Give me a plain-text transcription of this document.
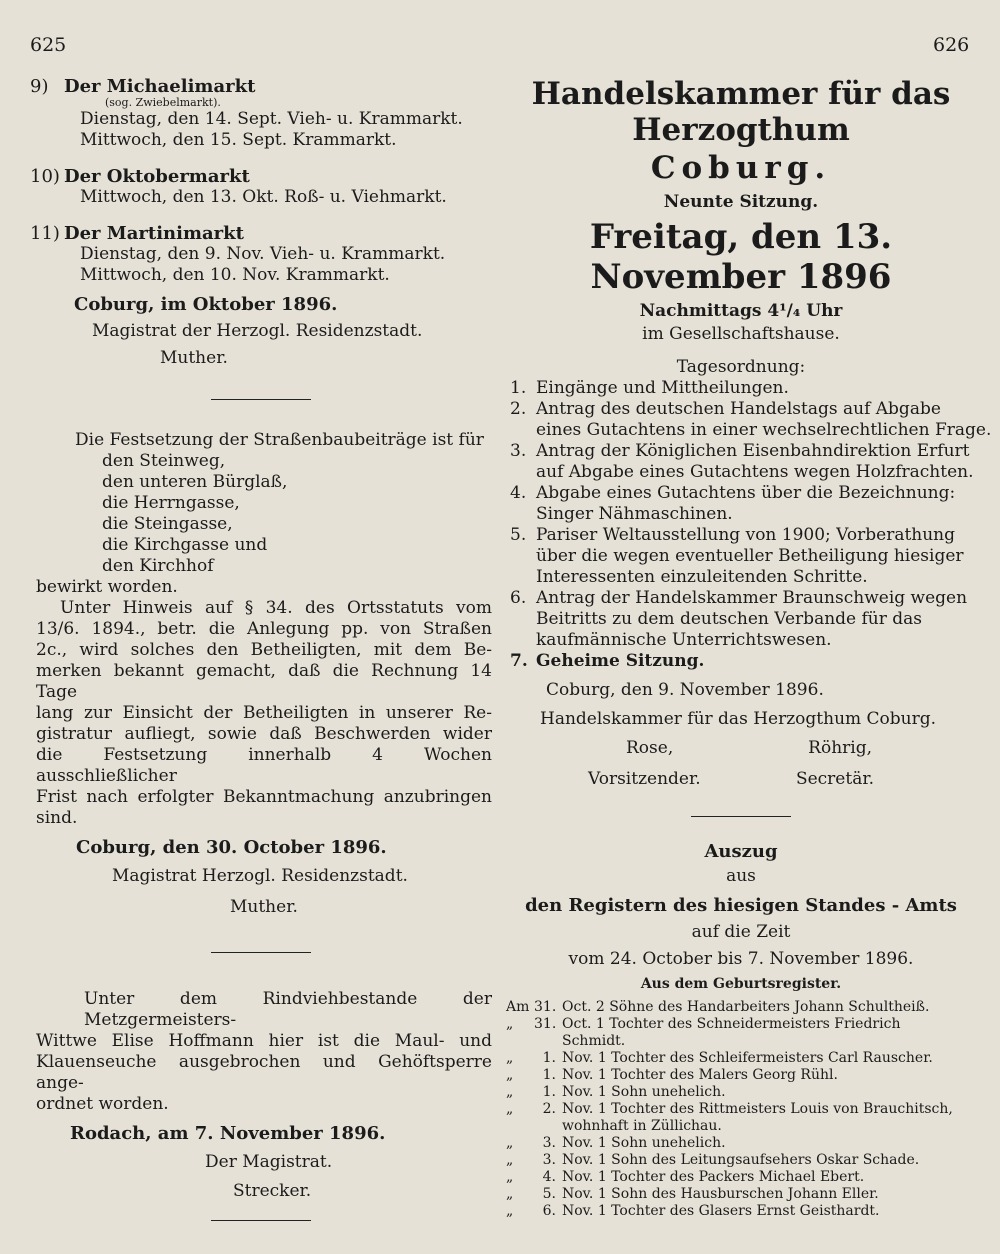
625	626
9) Der Michaelimarkt
(sog. Zwiebelmarkt).
Dienstag, den 14. Sept. Vieh- u. Krammarkt.
Mittwoch, den 15. Sept. Krammarkt.
10) Der Oktobermarkt
Mittwoch, den 13. Okt. Roß- u. Viehmarkt.
11) Der Martinimarkt
Dienstag, den 9. Nov. Vieh- u. Krammarkt.
Mittwoch, den 10. Nov. Krammarkt.
Coburg, im Oktober 1896.
Magistrat der Herzogl. Residenzstadt.
Muther.
Die Festsetzung der Straßenbaubeiträge ist für
den Steinweg,
den unteren Bürglaß,
die Herrngasse,
die Steingasse,
die Kirchgasse und
den Kirchhof
bewirkt worden.
Unter Hinweis auf § 34. des Ortsstatuts vom
13/6. 1894., betr. die Anlegung pp. von Straßen
2c., wird solches den Betheiligten, mit dem Be-
merken bekannt gemacht, daß die Rechnung 14 Tage
lang zur Einsicht der Betheiligten in unserer Re-
gistratur aufliegt, sowie daß Beschwerden wider
die Festsetzung innerhalb 4 Wochen ausschließlicher
Frist nach erfolgter Bekanntmachung anzubringen
sind.
Coburg, den 30. October 1896.
Magistrat Herzogl. Residenzstadt.
Muther.
Unter dem Rindviehbestande der Metzgermeisters-
Wittwe Elise Hoffmann hier ist die Maul- und
Klauenseuche ausgebrochen und Gehöftsperre ange-
ordnet worden.
Rodach, am 7. November 1896.
Der Magistrat.
Strecker.
Handelskammer für das Herzogthum
Coburg.
Neunte Sitzung.
Freitag, den 13. November 1896
Nachmittags 4¹/₄ Uhr
im Gesellschaftshause.
Tagesordnung:
1. Eingänge und Mittheilungen.
2. Antrag des deutschen Handelstags auf Abgabe
eines Gutachtens in einer wechselrechtlichen Frage.
3. Antrag der Königlichen Eisenbahndirektion Erfurt
auf Abgabe eines Gutachtens wegen Holzfrachten.
4. Abgabe eines Gutachtens über die Bezeichnung:
Singer Nähmaschinen.
5. Pariser Weltausstellung von 1900; Vorberathung
über die wegen eventueller Betheiligung hiesiger
Interessenten einzuleitenden Schritte.
6. Antrag der Handelskammer Braunschweig wegen
Beitritts zu dem deutschen Verbande für das
kaufmännische Unterrichtswesen.
7. Geheime Sitzung.
Coburg, den 9. November 1896.
Handelskammer für das Herzogthum Coburg.
Rose,	Röhrig,
Vorsitzender.	Secretär.
Auszug
aus
den Registern des hiesigen Standes - Amts
auf die Zeit
vom 24. October bis 7. November 1896.
Aus dem Geburtsregister.
Am 31. Oct. 2 Söhne des Handarbeiters Johann Schultheiß.
„	31. Oct. 1 Tochter des Schneidermeisters Friedrich
Schmidt.
„	1. Nov. 1 Tochter des Schleifermeisters Carl Rauscher.
„	1. Nov. 1 Tochter des Malers Georg Rühl.
„	1. Nov. 1 Sohn unehelich.
„	2. Nov. 1 Tochter des Rittmeisters Louis von Brauchitsch,
wohnhaft in Züllichau.
„	3. Nov. 1 Sohn unehelich.
„	3. Nov. 1 Sohn des Leitungsaufsehers Oskar Schade.
„	4. Nov. 1 Tochter des Packers Michael Ebert.
„	5. Nov. 1 Sohn des Hausburschen Johann Eller.
„	6. Nov. 1 Tochter des Glasers Ernst Geisthardt.
